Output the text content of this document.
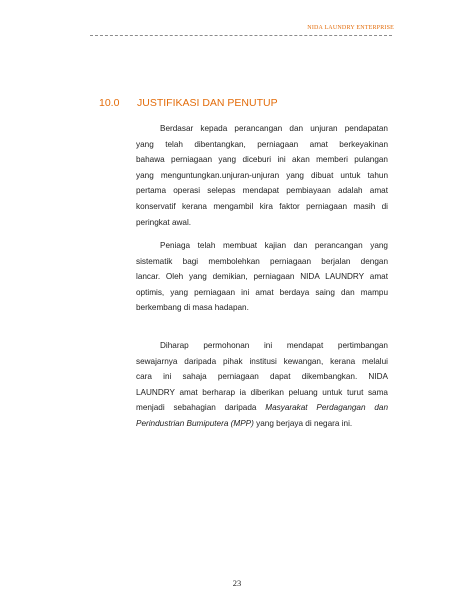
NIDA LAUNDRY ENTERPRISE
10.0 JUSTIFIKASI DAN PENUTUP
Berdasar kepada perancangan dan unjuran pendapatan
yang telah dibentangkan, perniagaan amat berkeyakinan
bahawa perniagaan yang diceburi ini akan memberi pulangan
yang menguntungkan.unjuran-unjuran yang dibuat untuk tahun
pertama operasi selepas mendapat pembiayaan adalah amat
konservatif kerana mengambil kira faktor perniagaan masih di
peringkat awal.
Peniaga telah membuat kajian dan perancangan yang
sistematik bagi membolehkan perniagaan berjalan dengan
lancar. Oleh yang demikian, perniagaan NIDA LAUNDRY amat
optimis, yang perniagaan ini amat berdaya saing dan mampu
berkembang di masa hadapan.
Diharap permohonan ini mendapat pertimbangan
sewajarnya daripada pihak institusi kewangan, kerana melalui
cara ini sahaja perniagaan dapat dikembangkan. NIDA
LAUNDRY amat berharap ia diberikan peluang untuk turut sama
menjadi sebahagian daripada Masyarakat Perdagangan dan
Perindustrian Bumiputera (MPP) yang berjaya di negara ini.
23
